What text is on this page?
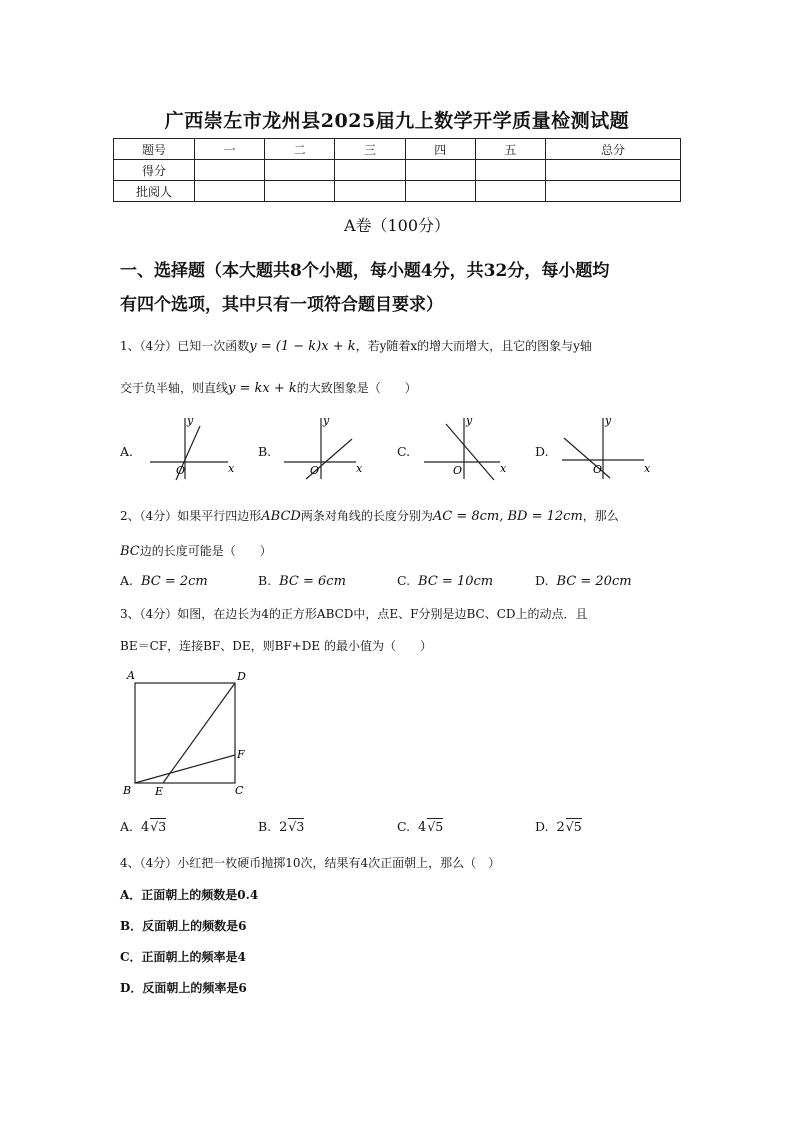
广西崇左市龙州县2025届九上数学开学质量检测试题
题号	一	二	三	四	五	总分
得分						
批阅人						
A卷（100分）
一、选择题（本大题共8个小题，每小题4分，共32分，每小题均
有四个选项，其中只有一项符合题目要求）
1、（4分）已知一次函数y = (1 − k)x + k，若y随着x的增大而增大，且它的图象与y轴
交于负半轴，则直线y = kx + k的大致图象是（　　）
A.	B.	C.	D.
y
x
O
y
x
O
y
x
O
y
x
O
2、（4分）如果平行四边形ABCD两条对角线的长度分别为AC = 8cm, BD = 12cm，那么
BC边的长度可能是（　　）
A. BC = 2cm	B. BC = 6cm	C. BC = 10cm	D. BC = 20cm
3、（4分）如图，在边长为4的正方形ABCD中，点E、F分别是边BC、CD上的动点．且
BE＝CF，连接BF、DE，则BF+DE 的最小值为（　　）
A	D
F
B E	C
A. 4√3	B. 2√3	C. 4√5	D. 2√5
4、（4分）小红把一枚硬币抛掷10次，结果有4次正面朝上，那么（　）
A．正面朝上的频数是0.4
B．反面朝上的频数是6
C．正面朝上的频率是4
D．反面朝上的频率是6
